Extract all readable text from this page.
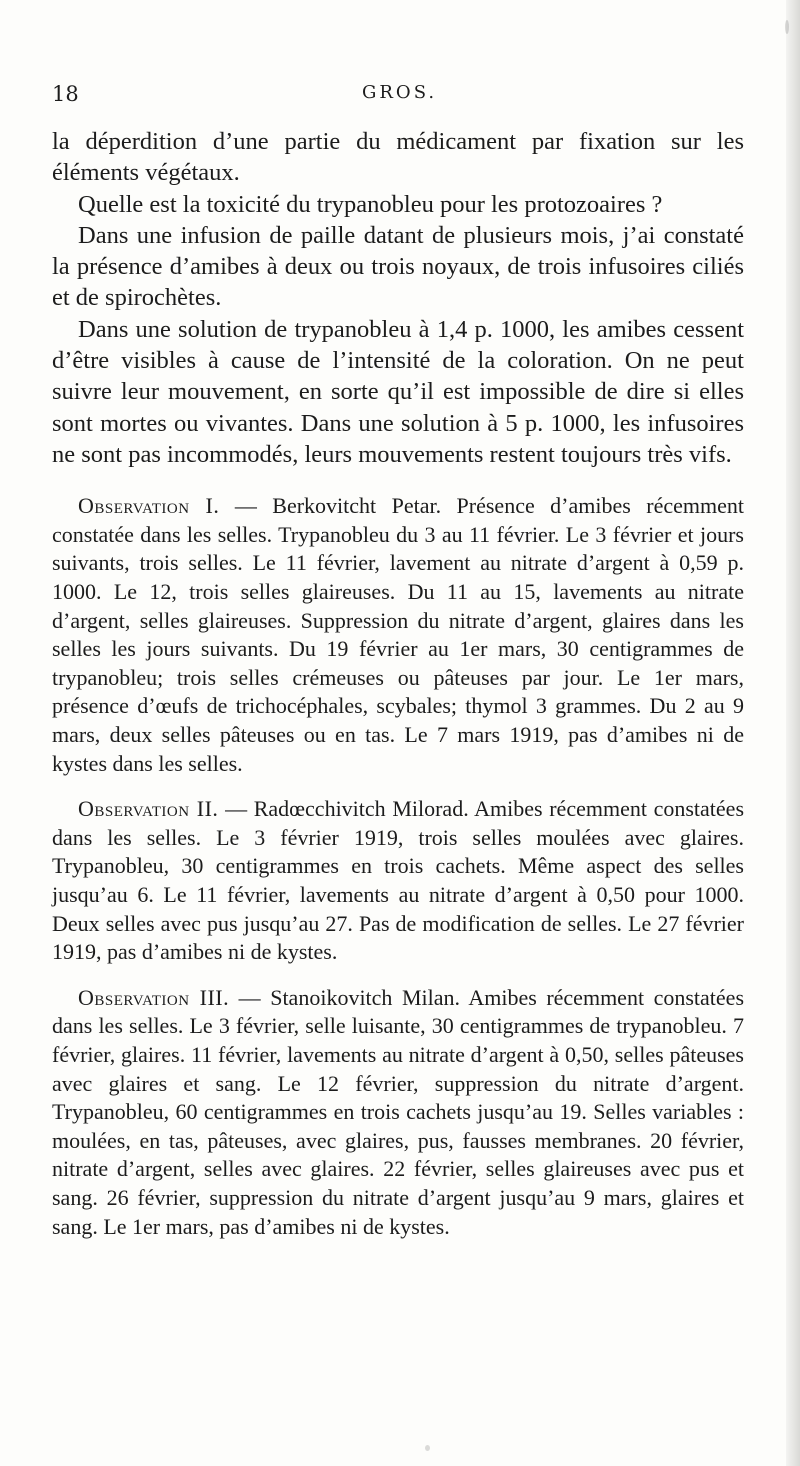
18	GROS.

la déperdition d’une partie du médicament par fixation sur les éléments végétaux.

Quelle est la toxicité du trypanobleu pour les protozoaires ?

Dans une infusion de paille datant de plusieurs mois, j’ai constaté la présence d’amibes à deux ou trois noyaux, de trois infusoires ciliés et de spirochètes.

Dans une solution de trypanobleu à 1,4 p. 1000, les amibes cessent d’être visibles à cause de l’intensité de la coloration. On ne peut suivre leur mouvement, en sorte qu’il est impossible de dire si elles sont mortes ou vivantes. Dans une solution à 5 p. 1000, les infusoires ne sont pas incommodés, leurs mouvements restent toujours très vifs.

Observation I. — Berkovitcht Petar. Présence d’amibes récemment constatée dans les selles. Trypanobleu du 3 au 11 février. Le 3 février et jours suivants, trois selles. Le 11 février, lavement au nitrate d’argent à 0,59 p. 1000. Le 12, trois selles glaireuses. Du 11 au 15, lavements au nitrate d’argent, selles glaireuses. Suppression du nitrate d’argent, glaires dans les selles les jours suivants. Du 19 février au 1er mars, 30 centigrammes de trypanobleu; trois selles crémeuses ou pâteuses par jour. Le 1er mars, présence d’œufs de trichocéphales, scybales; thymol 3 grammes. Du 2 au 9 mars, deux selles pâteuses ou en tas. Le 7 mars 1919, pas d’amibes ni de kystes dans les selles.

Observation II. — Radœcchivitch Milorad. Amibes récemment constatées dans les selles. Le 3 février 1919, trois selles moulées avec glaires. Trypanobleu, 30 centigrammes en trois cachets. Même aspect des selles jusqu’au 6. Le 11 février, lavements au nitrate d’argent à 0,50 pour 1000. Deux selles avec pus jusqu’au 27. Pas de modification de selles. Le 27 février 1919, pas d’amibes ni de kystes.

Observation III. — Stanoikovitch Milan. Amibes récemment constatées dans les selles. Le 3 février, selle luisante, 30 centigrammes de trypanobleu. 7 février, glaires. 11 février, lavements au nitrate d’argent à 0,50, selles pâteuses avec glaires et sang. Le 12 février, suppression du nitrate d’argent. Trypanobleu, 60 centigrammes en trois cachets jusqu’au 19. Selles variables : moulées, en tas, pâteuses, avec glaires, pus, fausses membranes. 20 février, nitrate d’argent, selles avec glaires. 22 février, selles glaireuses avec pus et sang. 26 février, suppression du nitrate d’argent jusqu’au 9 mars, glaires et sang. Le 1er mars, pas d’amibes ni de kystes.
